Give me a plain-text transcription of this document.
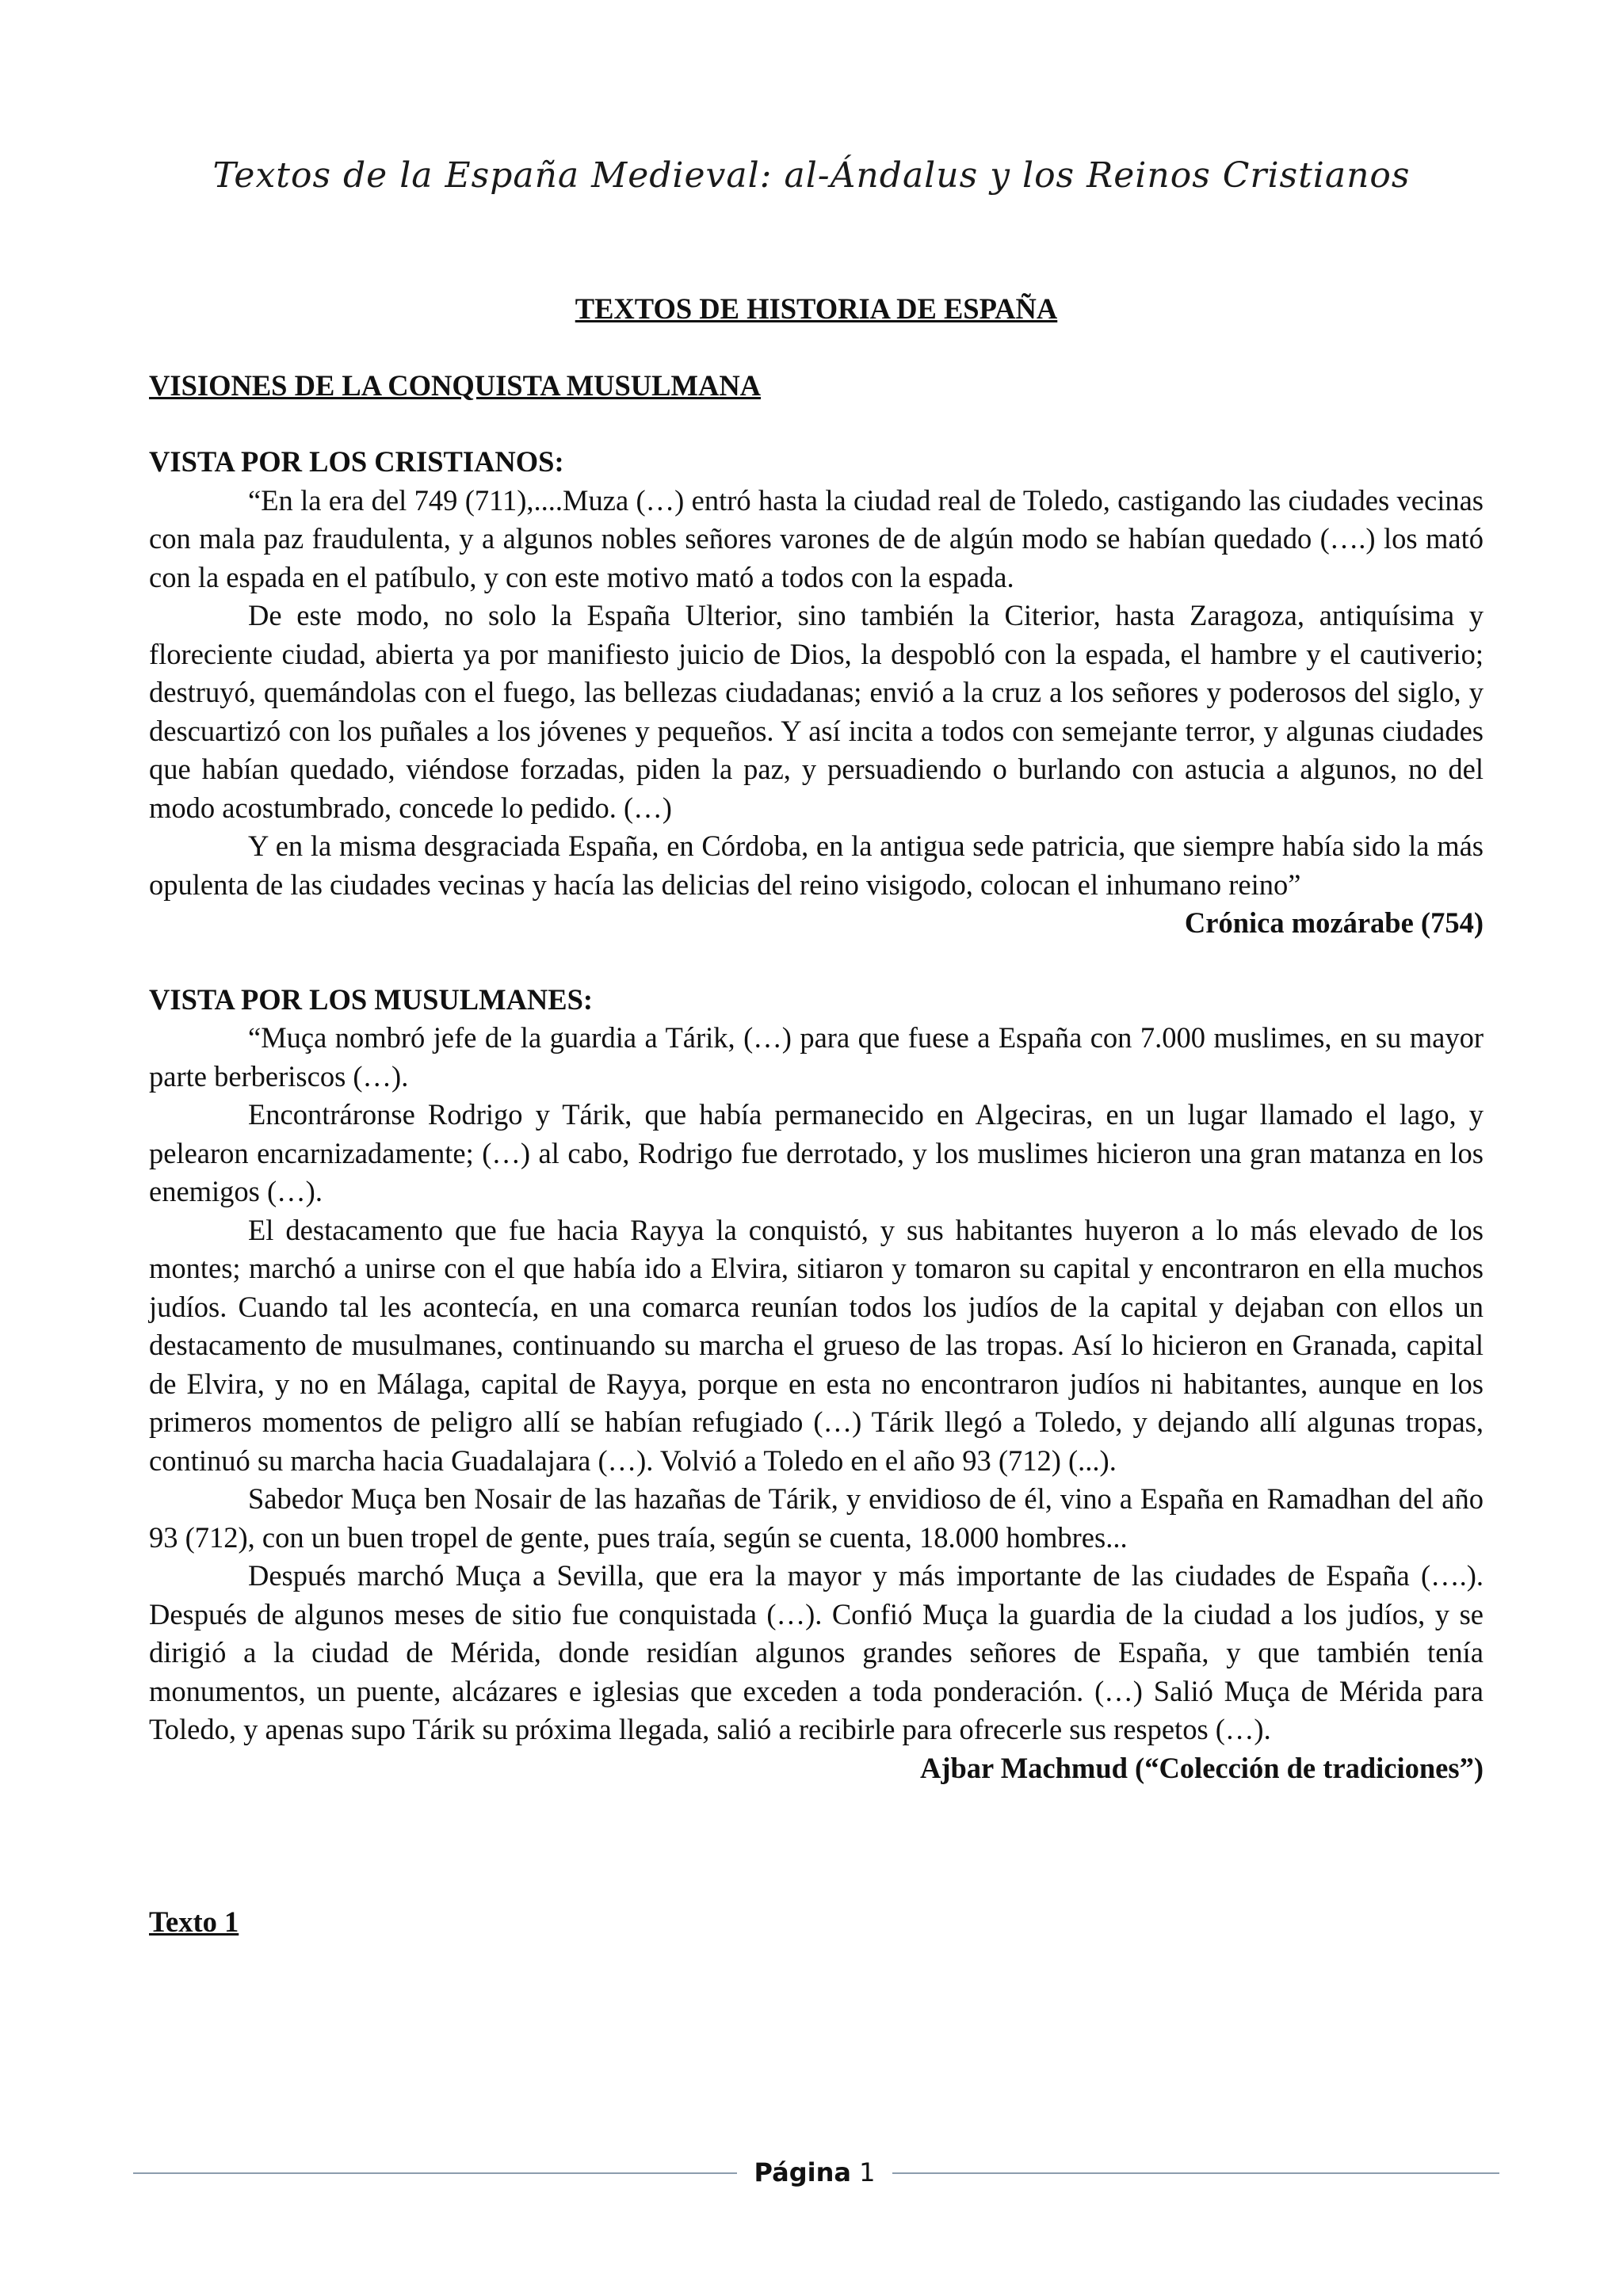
Textos de la España Medieval: al-Ándalus y los Reinos Cristianos

TEXTOS DE HISTORIA DE ESPAÑA

VISIONES DE LA CONQUISTA MUSULMANA

VISTA POR LOS CRISTIANOS:

“En la era del 749 (711),....Muza (…) entró hasta la ciudad real de Toledo, castigando las ciudades vecinas con mala paz fraudulenta, y a algunos nobles señores varones de de algún modo se habían quedado (….) los mató con la espada en el patíbulo, y con este motivo mató a todos con la espada.

De este modo, no solo la España Ulterior, sino también la Citerior, hasta Zaragoza, antiquísima y floreciente ciudad, abierta ya por manifiesto juicio de Dios, la despobló con la espada, el hambre y el cautiverio; destruyó, quemándolas con el fuego, las bellezas ciudadanas; envió a la cruz a los señores y poderosos del siglo, y descuartizó con los puñales a los jóvenes y pequeños. Y así incita a todos con semejante terror, y algunas ciudades que habían quedado, viéndose forzadas, piden la paz, y persuadiendo o burlando con astucia a algunos, no del modo acostumbrado, concede lo pedido. (…)

Y en la misma desgraciada España, en Córdoba, en la antigua sede patricia, que siempre había sido la más opulenta de las ciudades vecinas y hacía las delicias del reino visigodo, colocan el inhumano reino”

Crónica mozárabe (754)

VISTA POR LOS MUSULMANES:

“Muça nombró jefe de la guardia a Tárik, (…) para que fuese a España con 7.000 muslimes, en su mayor parte berberiscos (…).

Encontráronse Rodrigo y Tárik, que había permanecido en Algeciras, en un lugar llamado el lago, y pelearon encarnizadamente; (…) al cabo, Rodrigo fue derrotado, y los muslimes hicieron una gran matanza en los enemigos (…).

El destacamento que fue hacia Rayya la conquistó, y sus habitantes huyeron a lo más elevado de los montes; marchó a unirse con el que había ido a Elvira, sitiaron y tomaron su capital y encontraron en ella muchos judíos. Cuando tal les acontecía, en una comarca reunían todos los judíos de la capital y dejaban con ellos un destacamento de musulmanes, continuando su marcha el grueso de las tropas. Así lo hicieron en Granada, capital de Elvira, y no en Málaga, capital de Rayya, porque en esta no encontraron judíos ni habitantes, aunque en los primeros momentos de peligro allí se habían refugiado (…) Tárik llegó a Toledo, y dejando allí algunas tropas, continuó su marcha hacia Guadalajara (…). Volvió a Toledo en el año 93 (712) (...).

Sabedor Muça ben Nosair de las hazañas de Tárik, y envidioso de él, vino a España en Ramadhan del año 93 (712), con un buen tropel de gente, pues traía, según se cuenta, 18.000 hombres...

Después marchó Muça a Sevilla, que era la mayor y más importante de las ciudades de España (….). Después de algunos meses de sitio fue conquistada (…). Confió Muça la guardia de la ciudad a los judíos, y se dirigió a la ciudad de Mérida, donde residían algunos grandes señores de España, y que también tenía monumentos, un puente, alcázares e iglesias que exceden a toda ponderación. (…) Salió Muça de Mérida para Toledo, y apenas supo Tárik su próxima llegada, salió a recibirle para ofrecerle sus respetos (…).

Ajbar Machmud (“Colección de tradiciones”)

Texto 1

Página 1
